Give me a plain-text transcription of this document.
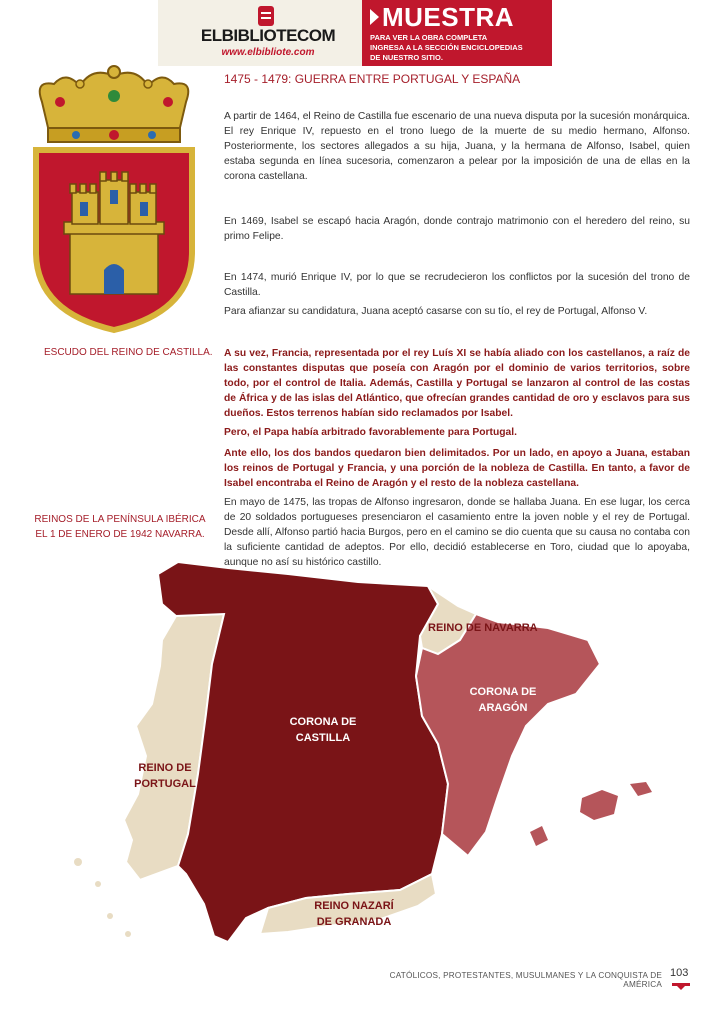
ELBIBLIOTECOM
www.elbibliote.com
MUESTRA
PARA VER LA OBRA COMPLETA
INGRESA A LA SECCIÓN ENCICLOPEDIAS
DE NUESTRO SITIO.
ESCUDO DEL REINO DE CASTILLA.
REINOS DE LA PENÍNSULA IBÉRICA
EL 1 DE ENERO DE 1942 NAVARRA.
1475 - 1479: GUERRA ENTRE PORTUGAL Y ESPAÑA

A partir de 1464, el Reino de Castilla fue escenario de una nueva disputa por la sucesión monárquica. El rey Enrique IV, repuesto en el trono luego de la muerte de su medio hermano, Alfonso. Posteriormente, los sectores allegados a su hija, Juana, y la hermana de Alfonso, Isabel, quien estaba segunda en línea sucesoria, comenzaron a pelear por la imposición de una de ellas en la corona castellana.

En 1469, Isabel se escapó hacia Aragón, donde contrajo matrimonio con el heredero del reino, su primo Felipe.

En 1474, murió Enrique IV, por lo que se recrudecieron los conflictos por la sucesión del trono de Castilla.

Para afianzar su candidatura, Juana aceptó casarse con su tío, el rey de Portugal, Alfonso V.

A su vez, Francia, representada por el rey Luís XI se había aliado con los castellanos, a raíz de las constantes disputas que poseía con Aragón por el dominio de varios territorios, sobre todo, por el control de Italia. Además, Castilla y Portugal se lanzaron al control de las costas de África y de las islas del Atlántico, que ofrecían grandes cantidad de oro y esclavos para sus dueños. Estos terrenos habían sido reclamados por Isabel.

Pero, el Papa había arbitrado favorablemente para Portugal.

Ante ello, los dos bandos quedaron bien delimitados. Por un lado, en apoyo a Juana, estaban los reinos de Portugal y Francia, y una porción de la nobleza de Castilla. En tanto, a favor de Isabel encontraba el Reino de Aragón y el resto de la nobleza castellana.

En mayo de 1475, las tropas de Alfonso ingresaron, donde se hallaba Juana. En ese lugar, los cerca de 20 soldados portugueses presenciaron el casamiento entre la joven noble y el rey de Portugal. Desde allí, Alfonso partió hacia Burgos, pero en el camino se dio cuenta que su causa no contaba con la suficiente cantidad de adeptos. Por ello, decidió establecerse en Toro, ciudad que lo apoyaba, aunque no así su histórico castillo.

REINO DE NAVARRA
CORONA DE
ARAGÓN
CORONA DE
CASTILLA
REINO DE
PORTUGAL
REINO NAZARÍ
DE GRANADA
CATÓLICOS, PROTESTANTES, MUSULMANES Y LA CONQUISTA DE AMÉRICA
103
